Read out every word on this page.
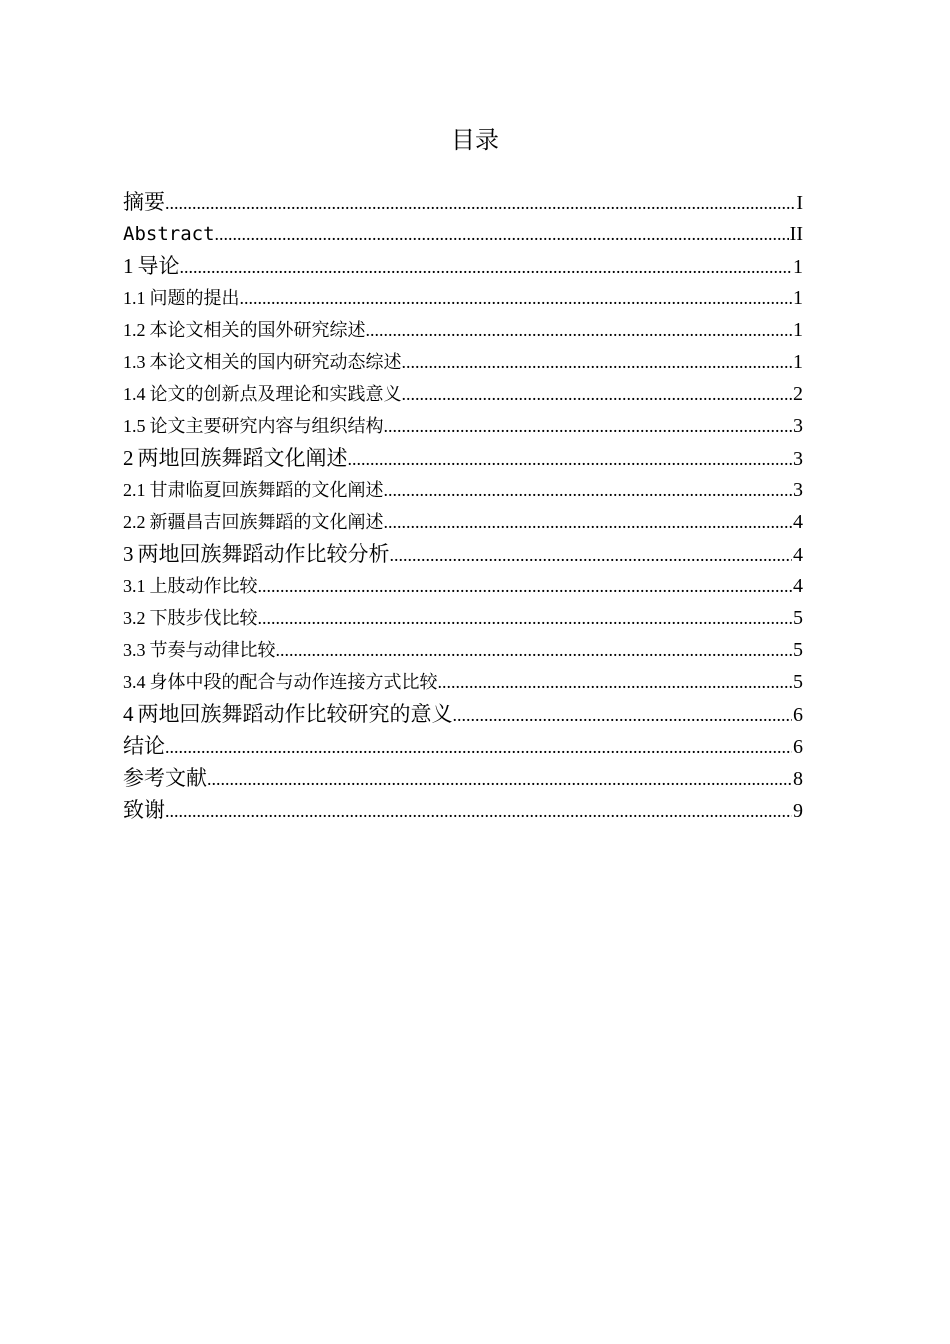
目录
摘要 .....	I
Abstract .....	II
1 导论 .....	1
1.1 问题的提出 .....	1
1.2 本论文相关的国外研究综述 .....	1
1.3 本论文相关的国内研究动态综述 .....	1
1.4 论文的创新点及理论和实践意义 .....	2
1.5 论文主要研究内容与组织结构 .....	3
2 两地回族舞蹈文化阐述 .....	3
2.1 甘肃临夏回族舞蹈的文化阐述 .....	3
2.2 新疆昌吉回族舞蹈的文化阐述 .....	4
3 两地回族舞蹈动作比较分析 .....	4
3.1 上肢动作比较 .....	4
3.2 下肢步伐比较 .....	5
3.3 节奏与动律比较 .....	5
3.4 身体中段的配合与动作连接方式比较 .....	5
4 两地回族舞蹈动作比较研究的意义 .....	6
结论 .....	6
参考文献 .....	8
致谢 .....	9
